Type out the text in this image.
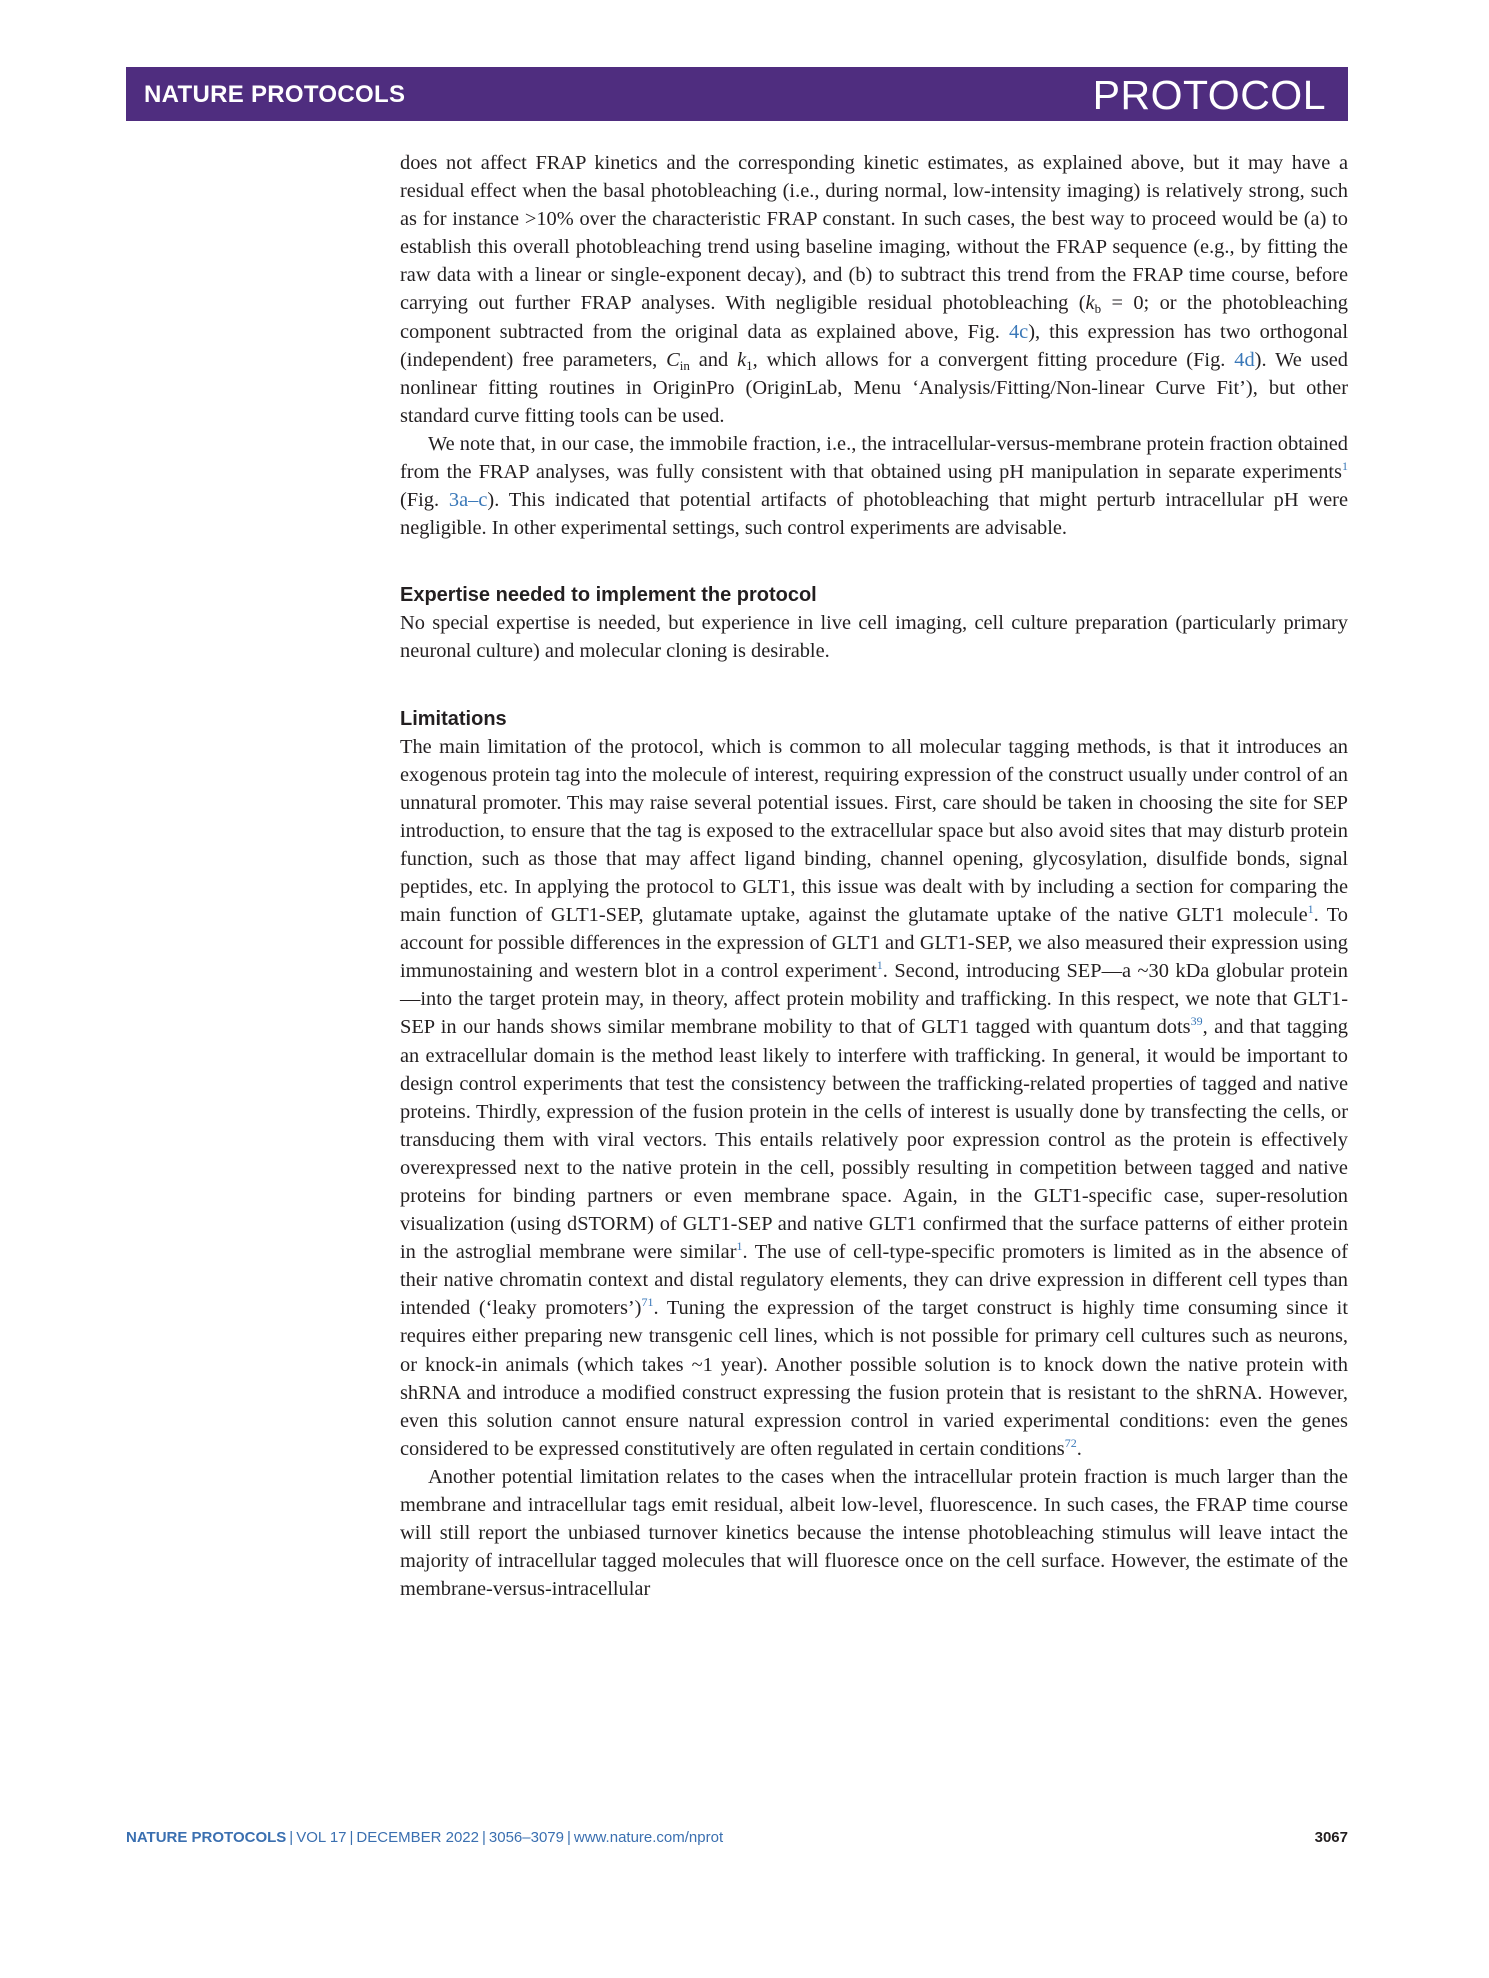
NATURE PROTOCOLS	PROTOCOL

does not affect FRAP kinetics and the corresponding kinetic estimates, as explained above, but it may have a residual effect when the basal photobleaching (i.e., during normal, low-intensity imaging) is relatively strong, such as for instance >10% over the characteristic FRAP constant. In such cases, the best way to proceed would be (a) to establish this overall photobleaching trend using baseline imaging, without the FRAP sequence (e.g., by fitting the raw data with a linear or single-exponent decay), and (b) to subtract this trend from the FRAP time course, before carrying out further FRAP analyses. With negligible residual photobleaching ($k_b = 0$; or the photobleaching component subtracted from the original data as explained above, Fig. 4c), this expression has two orthogonal (independent) free parameters, $C_{in}$ and $k_1$, which allows for a convergent fitting procedure (Fig. 4d). We used nonlinear fitting routines in OriginPro (OriginLab, Menu ‘Analysis/Fitting/Non-linear Curve Fit’), but other standard curve fitting tools can be used.

We note that, in our case, the immobile fraction, i.e., the intracellular-versus-membrane protein fraction obtained from the FRAP analyses, was fully consistent with that obtained using pH manipulation in separate experiments$^1$ (Fig. 3a–c). This indicated that potential artifacts of photobleaching that might perturb intracellular pH were negligible. In other experimental settings, such control experiments are advisable.

Expertise needed to implement the protocol

No special expertise is needed, but experience in live cell imaging, cell culture preparation (particularly primary neuronal culture) and molecular cloning is desirable.

Limitations

The main limitation of the protocol, which is common to all molecular tagging methods, is that it introduces an exogenous protein tag into the molecule of interest, requiring expression of the construct usually under control of an unnatural promoter. This may raise several potential issues. First, care should be taken in choosing the site for SEP introduction, to ensure that the tag is exposed to the extracellular space but also avoid sites that may disturb protein function, such as those that may affect ligand binding, channel opening, glycosylation, disulfide bonds, signal peptides, etc. In applying the protocol to GLT1, this issue was dealt with by including a section for comparing the main function of GLT1-SEP, glutamate uptake, against the glutamate uptake of the native GLT1 molecule$^1$. To account for possible differences in the expression of GLT1 and GLT1-SEP, we also measured their expression using immunostaining and western blot in a control experiment$^1$. Second, introducing SEP—a ~30 kDa globular protein—into the target protein may, in theory, affect protein mobility and trafficking. In this respect, we note that GLT1-SEP in our hands shows similar membrane mobility to that of GLT1 tagged with quantum dots$^{39}$, and that tagging an extracellular domain is the method least likely to interfere with trafficking. In general, it would be important to design control experiments that test the consistency between the trafficking-related properties of tagged and native proteins. Thirdly, expression of the fusion protein in the cells of interest is usually done by transfecting the cells, or transducing them with viral vectors. This entails relatively poor expression control as the protein is effectively overexpressed next to the native protein in the cell, possibly resulting in competition between tagged and native proteins for binding partners or even membrane space. Again, in the GLT1-specific case, super-resolution visualization (using dSTORM) of GLT1-SEP and native GLT1 confirmed that the surface patterns of either protein in the astroglial membrane were similar$^1$. The use of cell-type-specific promoters is limited as in the absence of their native chromatin context and distal regulatory elements, they can drive expression in different cell types than intended (‘leaky promoters’)$^{71}$. Tuning the expression of the target construct is highly time consuming since it requires either preparing new transgenic cell lines, which is not possible for primary cell cultures such as neurons, or knock-in animals (which takes ~1 year). Another possible solution is to knock down the native protein with shRNA and introduce a modified construct expressing the fusion protein that is resistant to the shRNA. However, even this solution cannot ensure natural expression control in varied experimental conditions: even the genes considered to be expressed constitutively are often regulated in certain conditions$^{72}$.

Another potential limitation relates to the cases when the intracellular protein fraction is much larger than the membrane and intracellular tags emit residual, albeit low-level, fluorescence. In such cases, the FRAP time course will still report the unbiased turnover kinetics because the intense photobleaching stimulus will leave intact the majority of intracellular tagged molecules that will fluoresce once on the cell surface. However, the estimate of the membrane-versus-intracellular

NATURE PROTOCOLS | VOL 17 | DECEMBER 2022 | 3056–3079 | www.nature.com/nprot	3067
